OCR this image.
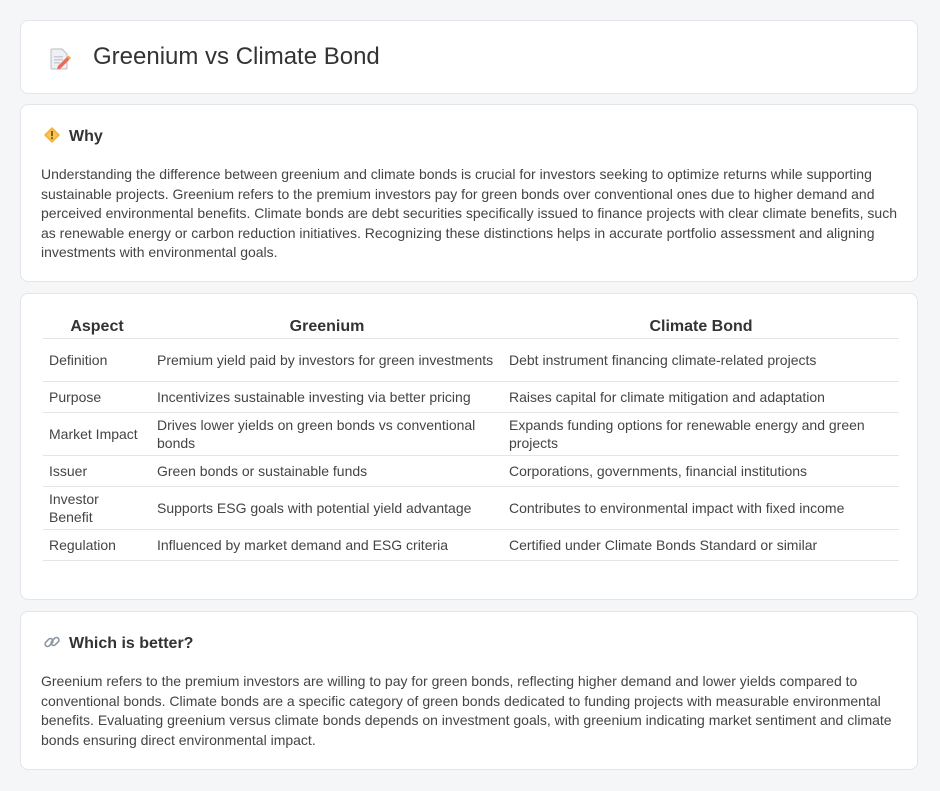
Greenium vs Climate Bond
Why

Understanding the difference between greenium and climate bonds is crucial for investors seeking to optimize returns while supporting sustainable projects. Greenium refers to the premium investors pay for green bonds over conventional ones due to higher demand and perceived environmental benefits. Climate bonds are debt securities specifically issued to finance projects with clear climate benefits, such as renewable energy or carbon reduction initiatives. Recognizing these distinctions helps in accurate portfolio assessment and aligning investments with environmental goals.

Aspect	Greenium	Climate Bond
Definition	Premium yield paid by investors for green investments	Debt instrument financing climate-related projects
Purpose	Incentivizes sustainable investing via better pricing	Raises capital for climate mitigation and adaptation
Market Impact	Drives lower yields on green bonds vs conventional bonds	Expands funding options for renewable energy and green projects
Issuer	Green bonds or sustainable funds	Corporations, governments, financial institutions
Investor Benefit	Supports ESG goals with potential yield advantage	Contributes to environmental impact with fixed income
Regulation	Influenced by market demand and ESG criteria	Certified under Climate Bonds Standard or similar
Which is better?

Greenium refers to the premium investors are willing to pay for green bonds, reflecting higher demand and lower yields compared to conventional bonds. Climate bonds are a specific category of green bonds dedicated to funding projects with measurable environmental benefits. Evaluating greenium versus climate bonds depends on investment goals, with greenium indicating market sentiment and climate bonds ensuring direct environmental impact.
